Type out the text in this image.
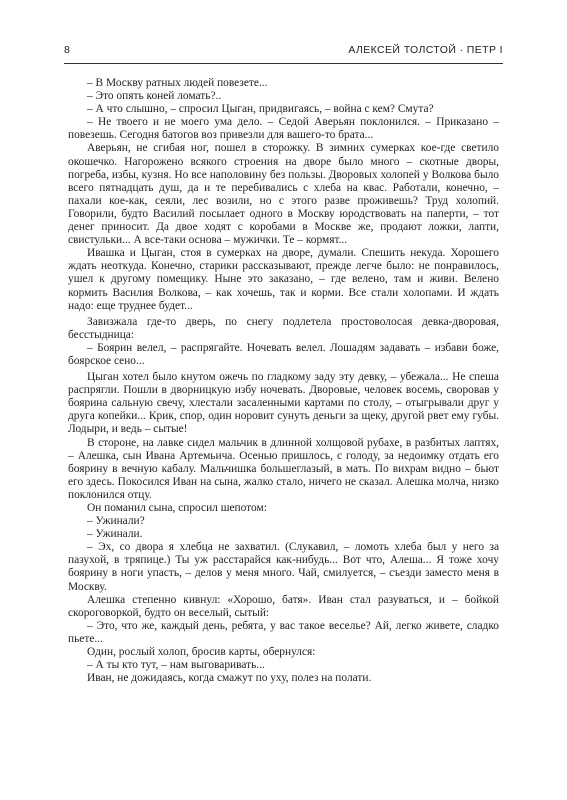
8	АЛЕКСЕЙ ТОЛСТОЙ · ПЕТР I

– В Москву ратных людей повезете...

– Это опять коней ломать?..

– А что слышно, – спросил Цыган, придвигаясь, – война с кем? Смута?

– Не твоего и не моего ума дело. – Седой Аверьян поклонился. – Приказано – повезешь. Сегодня батогов воз привезли для вашего-то брата...

Аверьян, не сгибая ног, пошел в сторожку. В зимних сумерках кое-где светило окошечко. Нагорожено всякого строения на дворе было много – скотные дворы, погреба, избы, кузня. Но все наполовину без пользы. Дворовых холопей у Волкова было всего пятнадцать душ, да и те перебивались с хлеба на квас. Работали, конечно, – пахали кое-как, сеяли, лес возили, но с этого разве проживешь? Труд холопий. Говорили, будто Василий посылает одного в Москву юродствовать на паперти, – тот денег приносит. Да двое ходят с коробами в Москве же, продают ложки, лапти, свистульки... А все-таки основа – мужички. Те – кормят...

Ивашка и Цыган, стоя в сумерках на дворе, думали. Спешить некуда. Хорошего ждать неоткуда. Конечно, старики рассказывают, прежде легче было: не понравилось, ушел к другому помещику. Ныне это заказано, – где велено, там и живи. Велено кормить Василия Волкова, – как хочешь, так и корми. Все стали холопами. И ждать надо: еще труднее будет...

Завизжала где-то дверь, по снегу подлетела простоволосая девка-дворовая, бесстыдница:

– Боярин велел, – распрягайте. Ночевать велел. Лошадям задавать – избави боже, боярское сено...

Цыган хотел было кнутом ожечь по гладкому заду эту девку, – убежала... Не спеша распрягли. Пошли в дворницкую избу ночевать. Дворовые, человек восемь, своровав у боярина сальную свечу, хлестали засаленными картами по столу, – отыгрывали друг у друга копейки... Крик, спор, один норовит сунуть деньги за щеку, другой рвет ему губы. Лодыри, и ведь – сытые!

В стороне, на лавке сидел мальчик в длинной холщовой рубахе, в разбитых лаптях, – Алешка, сын Ивана Артемьича. Осенью пришлось, с голоду, за недоимку отдать его боярину в вечную кабалу. Мальчишка большеглазый, в мать. По вихрам видно – бьют его здесь. Покосился Иван на сына, жалко стало, ничего не сказал. Алешка молча, низко поклонился отцу.

Он поманил сына, спросил шепотом:

– Ужинали?

– Ужинали.

– Эх, со двора я хлебца не захватил. (Слукавил, – ломоть хлеба был у него за пазухой, в тряпице.) Ты уж расстарайся как-нибудь... Вот что, Алеша... Я тоже хочу боярину в ноги упасть, – делов у меня много. Чай, смилуется, – съезди заместо меня в Москву.

Алешка степенно кивнул: «Хорошо, батя». Иван стал разуваться, и – бойкой скороговоркой, будто он веселый, сытый:

– Это, что же, каждый день, ребята, у вас такое веселье? Ай, легко живете, сладко пьете...

Один, рослый холоп, бросив карты, обернулся:

– А ты кто тут, – нам выговаривать...

Иван, не дожидаясь, когда смажут по уху, полез на полати.
